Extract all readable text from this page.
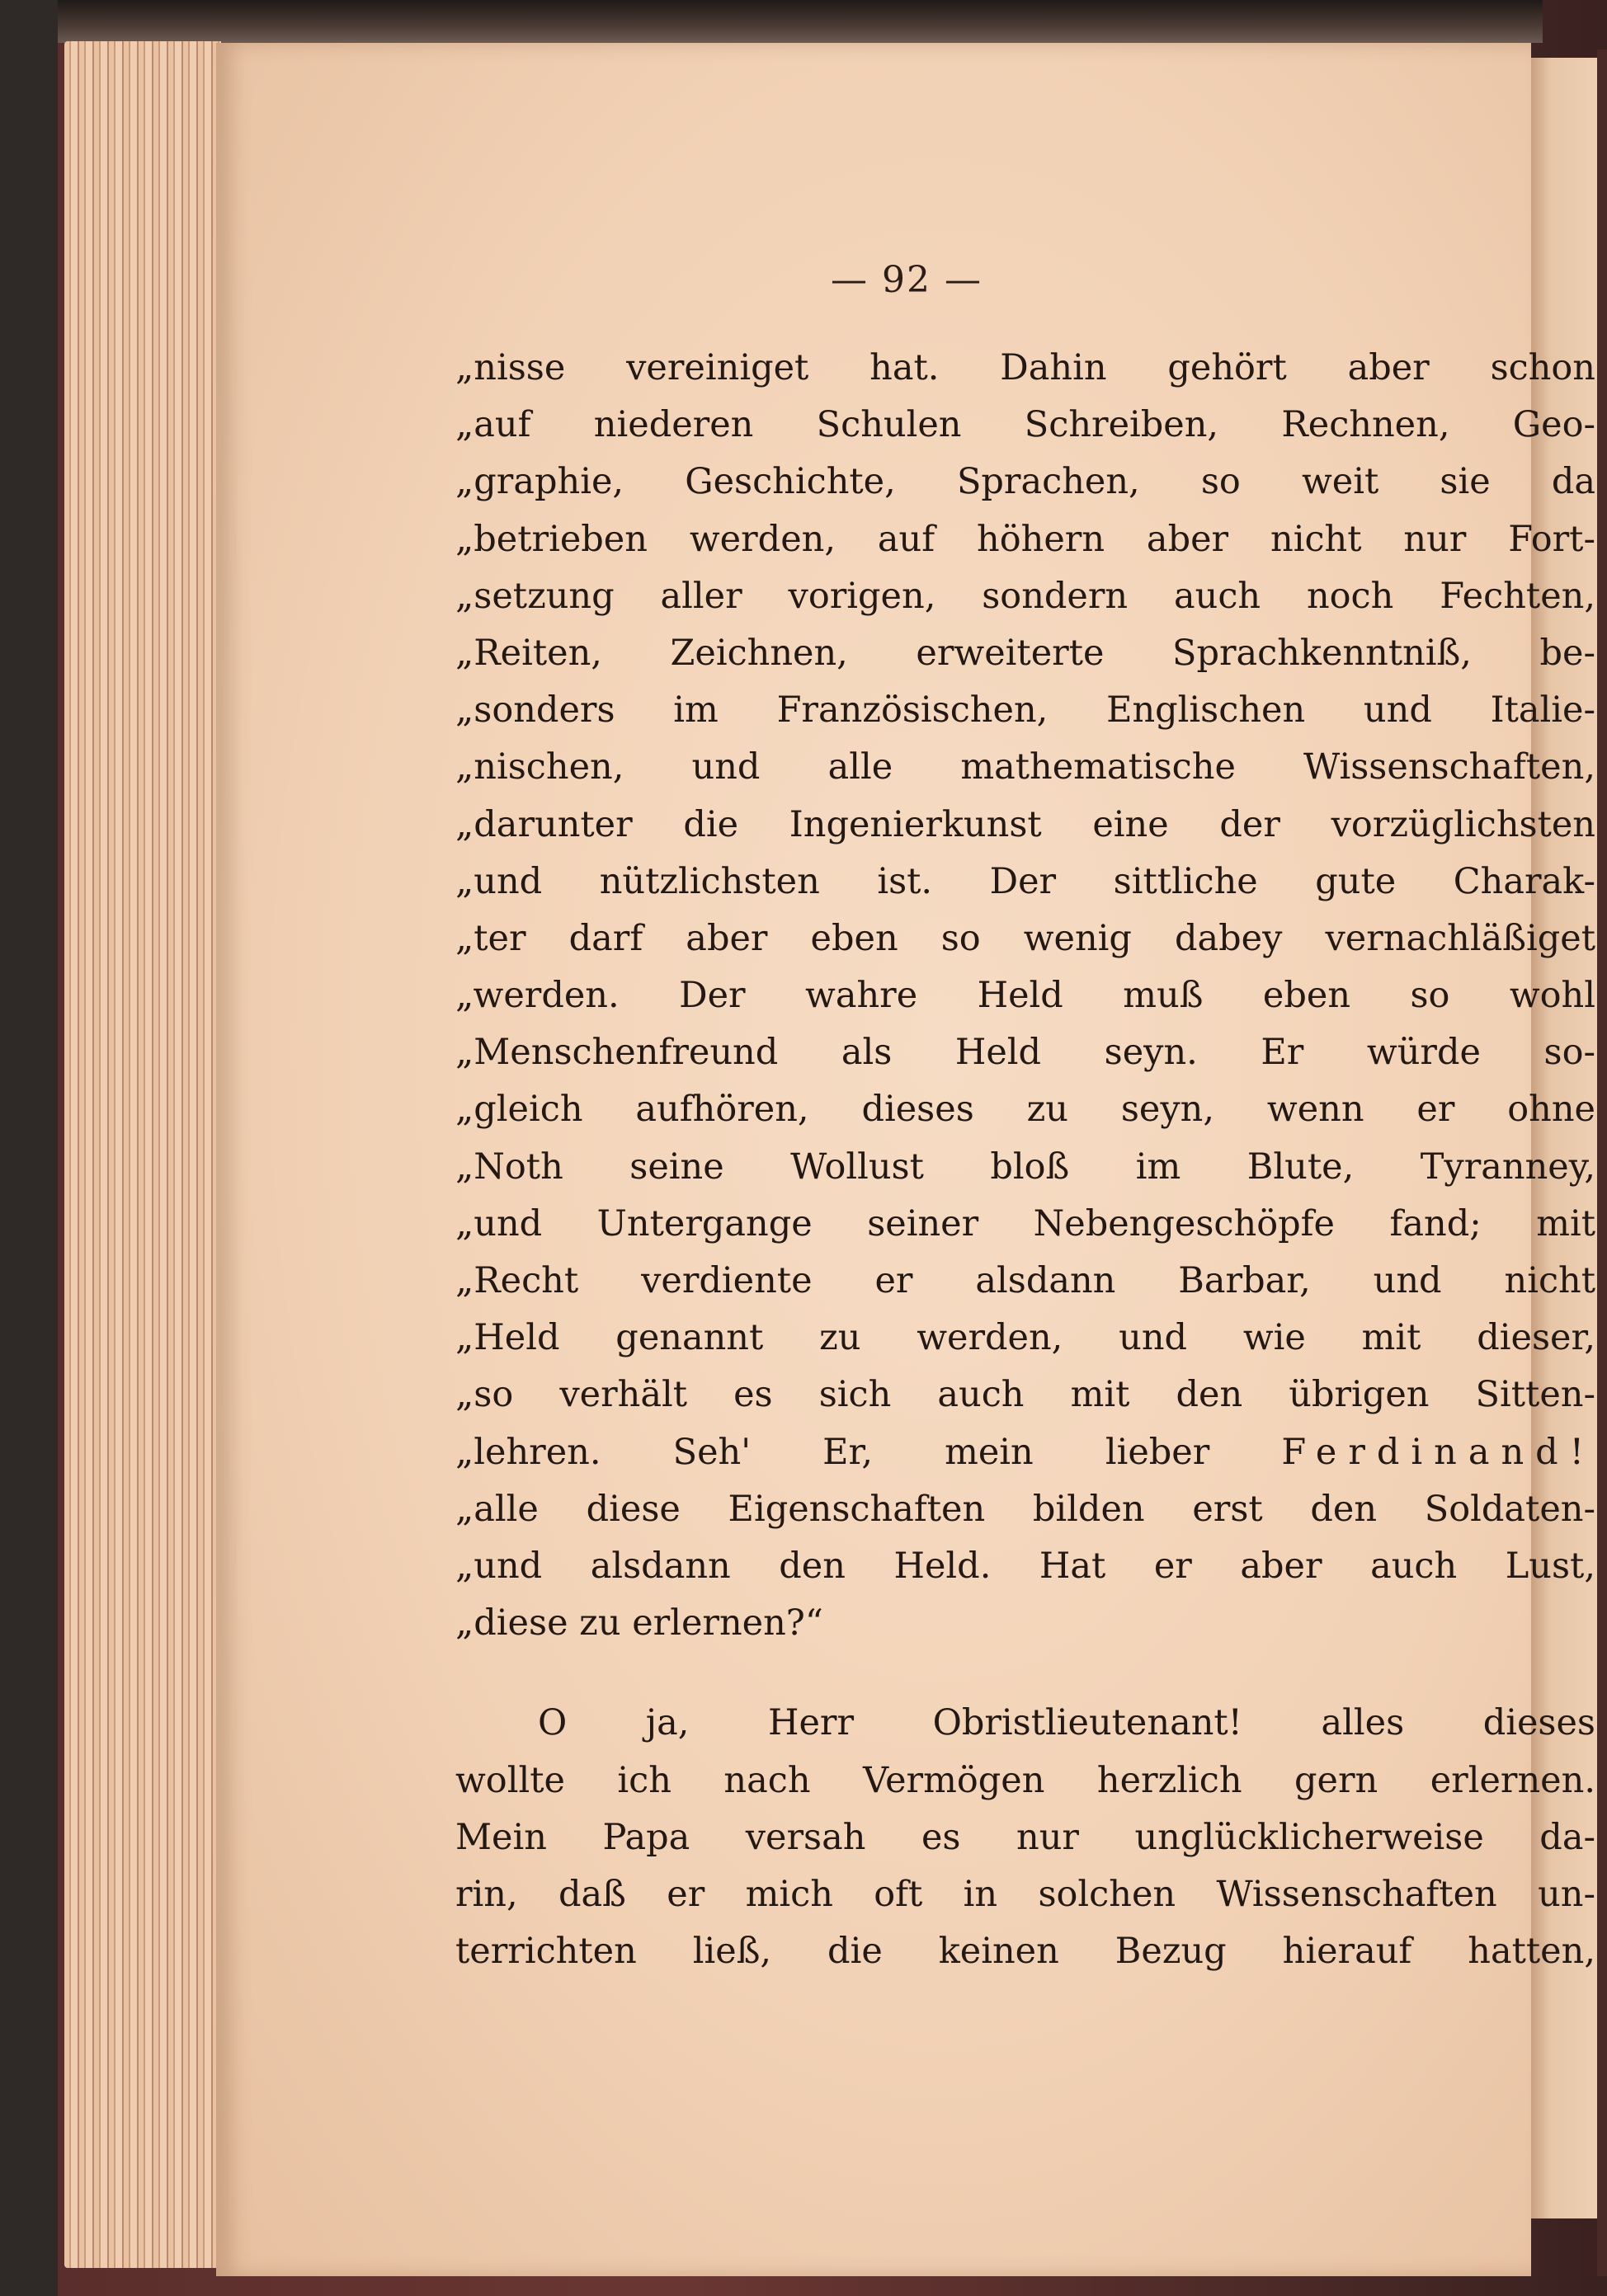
— 92 —
„nisse vereiniget hat. Dahin gehört aber schon
„auf niederen Schulen Schreiben, Rechnen, Geo-
„graphie, Geschichte, Sprachen, so weit sie da
„betrieben werden, auf höhern aber nicht nur Fort-
„setzung aller vorigen, sondern auch noch Fechten,
„Reiten, Zeichnen, erweiterte Sprachkenntniß, be-
„sonders im Französischen, Englischen und Italie-
„nischen, und alle mathematische Wissenschaften,
„darunter die Ingenierkunst eine der vorzüglichsten
„und nützlichsten ist. Der sittliche gute Charak-
„ter darf aber eben so wenig dabey vernachläßiget
„werden. Der wahre Held muß eben so wohl
„Menschenfreund als Held seyn. Er würde so-
„gleich aufhören, dieses zu seyn, wenn er ohne
„Noth seine Wollust bloß im Blute, Tyranney,
„und Untergange seiner Nebengeschöpfe fand; mit
„Recht verdiente er alsdann Barbar, und nicht
„Held genannt zu werden, und wie mit dieser,
„so verhält es sich auch mit den übrigen Sitten-
„lehren. Seh' Er, mein lieber Ferdinand!
„alle diese Eigenschaften bilden erst den Soldaten-
„und alsdann den Held. Hat er aber auch Lust,
„diese zu erlernen?“
O ja, Herr Obristlieutenant! alles dieses
wollte ich nach Vermögen herzlich gern erlernen.
Mein Papa versah es nur unglücklicherweise da-
rin, daß er mich oft in solchen Wissenschaften un-
terrichten ließ, die keinen Bezug hierauf hatten,
